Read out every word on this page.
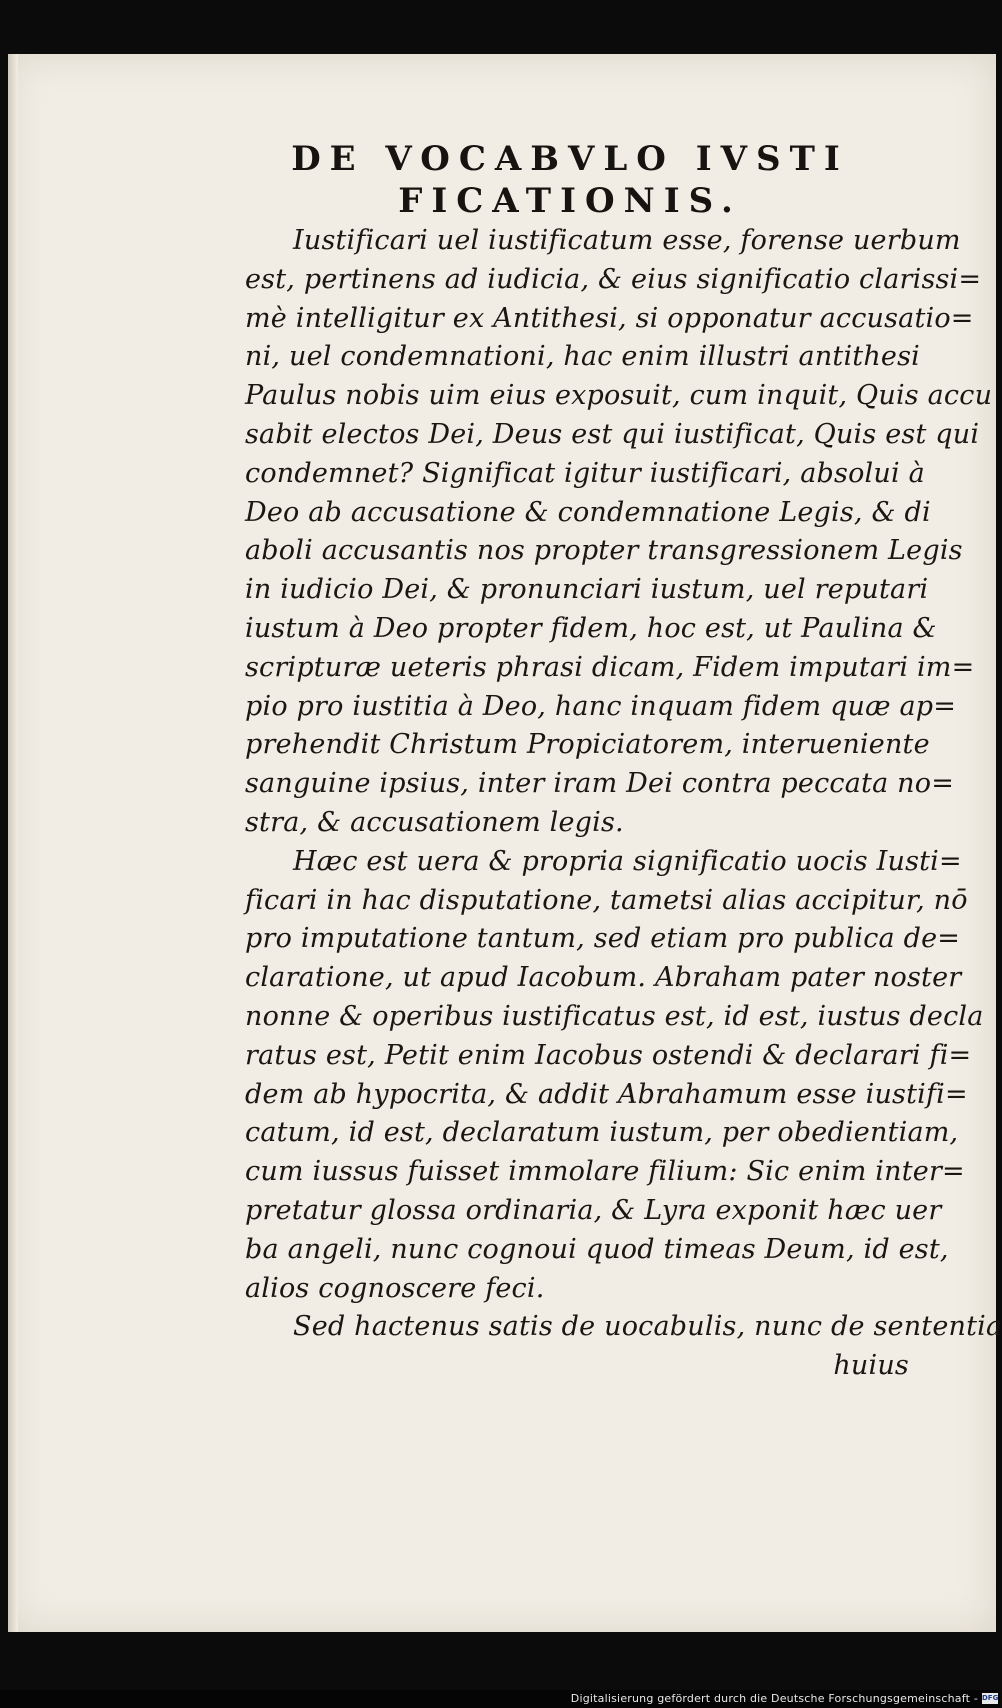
DE VOCABVLO IVSTI
FICATIONIS.
Iustificari uel iustificatum esse, forense uerbum
est, pertinens ad iudicia, & eius significatio clarissi=
mè intelligitur ex Antithesi, si opponatur accusatio=
ni, uel condemnationi, hac enim illustri antithesi
Paulus nobis uim eius exposuit, cum inquit, Quis accu
sabit electos Dei, Deus est qui iustificat, Quis est qui
condemnet? Significat igitur iustificari, absolui à
Deo ab accusatione & condemnatione Legis, & di
aboli accusantis nos propter transgressionem Legis
in iudicio Dei, & pronunciari iustum, uel reputari
iustum à Deo propter fidem, hoc est, ut Paulina &
scripturæ ueteris phrasi dicam, Fidem imputari im=
pio pro iustitia à Deo, hanc inquam fidem quæ ap=
prehendit Christum Propiciatorem, interueniente
sanguine ipsius, inter iram Dei contra peccata no=
stra, & accusationem legis.
Hæc est uera & propria significatio uocis Iusti=
ficari in hac disputatione, tametsi alias accipitur, nō
pro imputatione tantum, sed etiam pro publica de=
claratione, ut apud Iacobum. Abraham pater noster
nonne & operibus iustificatus est, id est, iustus decla
ratus est, Petit enim Iacobus ostendi & declarari fi=
dem ab hypocrita, & addit Abrahamum esse iustifi=
catum, id est, declaratum iustum, per obedientiam,
cum iussus fuisset immolare filium: Sic enim inter=
pretatur glossa ordinaria, & Lyra exponit hæc uer
ba angeli, nunc cognoui quod timeas Deum, id est,
alios cognoscere feci.
Sed hactenus satis de uocabulis, nunc de sententia
huius
Digitalisierung gefördert durch die Deutsche Forschungsgemeinschaft - DFG
